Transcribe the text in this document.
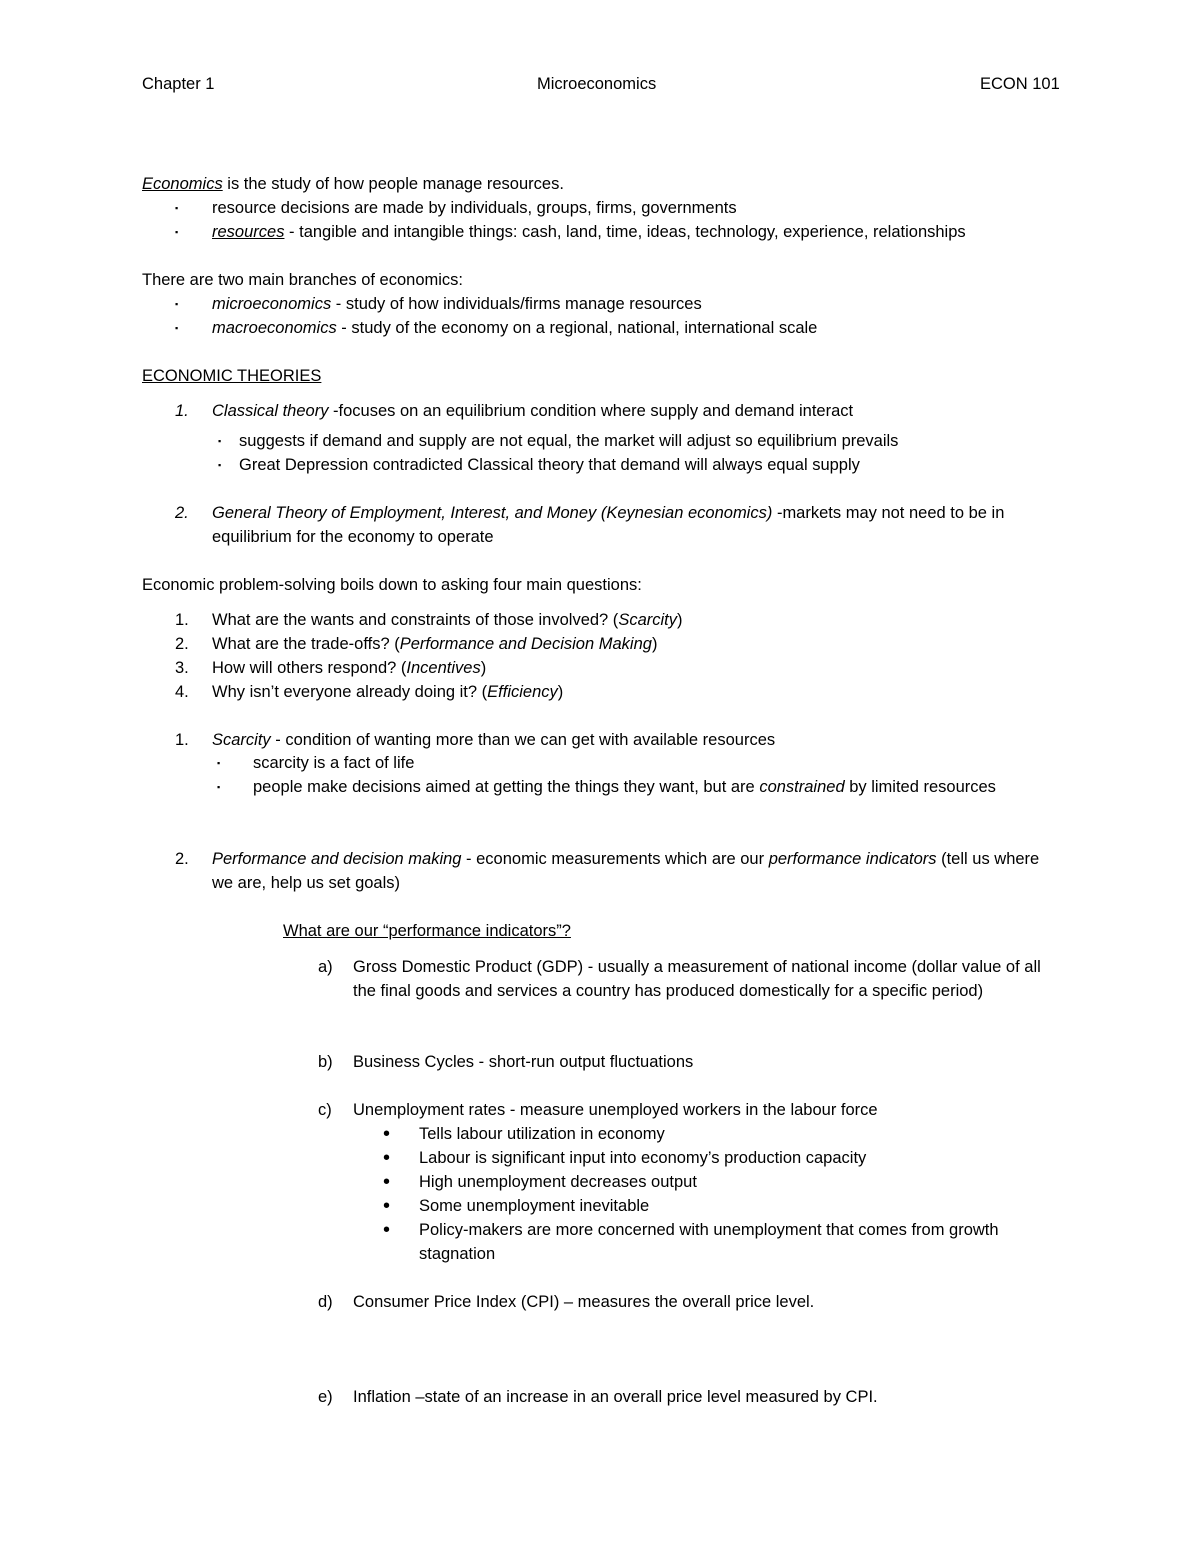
Chapter 1	Microeconomics	ECON 101
Economics is the study of how people manage resources.
▪ resource decisions are made by individuals, groups, firms, governments
▪ resources - tangible and intangible things: cash, land, time, ideas, technology, experience, relationships
There are two main branches of economics:
▪ microeconomics - study of how individuals/firms manage resources
▪ macroeconomics - study of the economy on a regional, national, international scale
ECONOMIC THEORIES
1. Classical theory -focuses on an equilibrium condition where supply and demand interact
▪ suggests if demand and supply are not equal, the market will adjust so equilibrium prevails
▪ Great Depression contradicted Classical theory that demand will always equal supply
2. General Theory of Employment, Interest, and Money (Keynesian economics) -markets may not need to be in equilibrium for the economy to operate
Economic problem-solving boils down to asking four main questions:
1. What are the wants and constraints of those involved? (Scarcity)
2. What are the trade-offs? (Performance and Decision Making)
3. How will others respond? (Incentives)
4. Why isn’t everyone already doing it? (Efficiency)
1. Scarcity - condition of wanting more than we can get with available resources
▪ scarcity is a fact of life
▪ people make decisions aimed at getting the things they want, but are constrained by limited resources
2. Performance and decision making - economic measurements which are our performance indicators (tell us where we are, help us set goals)
What are our “performance indicators”?
a) Gross Domestic Product (GDP) - usually a measurement of national income (dollar value of all the final goods and services a country has produced domestically for a specific period)
b) Business Cycles - short-run output fluctuations
c) Unemployment rates - measure unemployed workers in the labour force
• Tells labour utilization in economy
• Labour is significant input into economy’s production capacity
• High unemployment decreases output
• Some unemployment inevitable
• Policy-makers are more concerned with unemployment that comes from growth stagnation
d) Consumer Price Index (CPI) – measures the overall price level.
e) Inflation –state of an increase in an overall price level measured by CPI.
